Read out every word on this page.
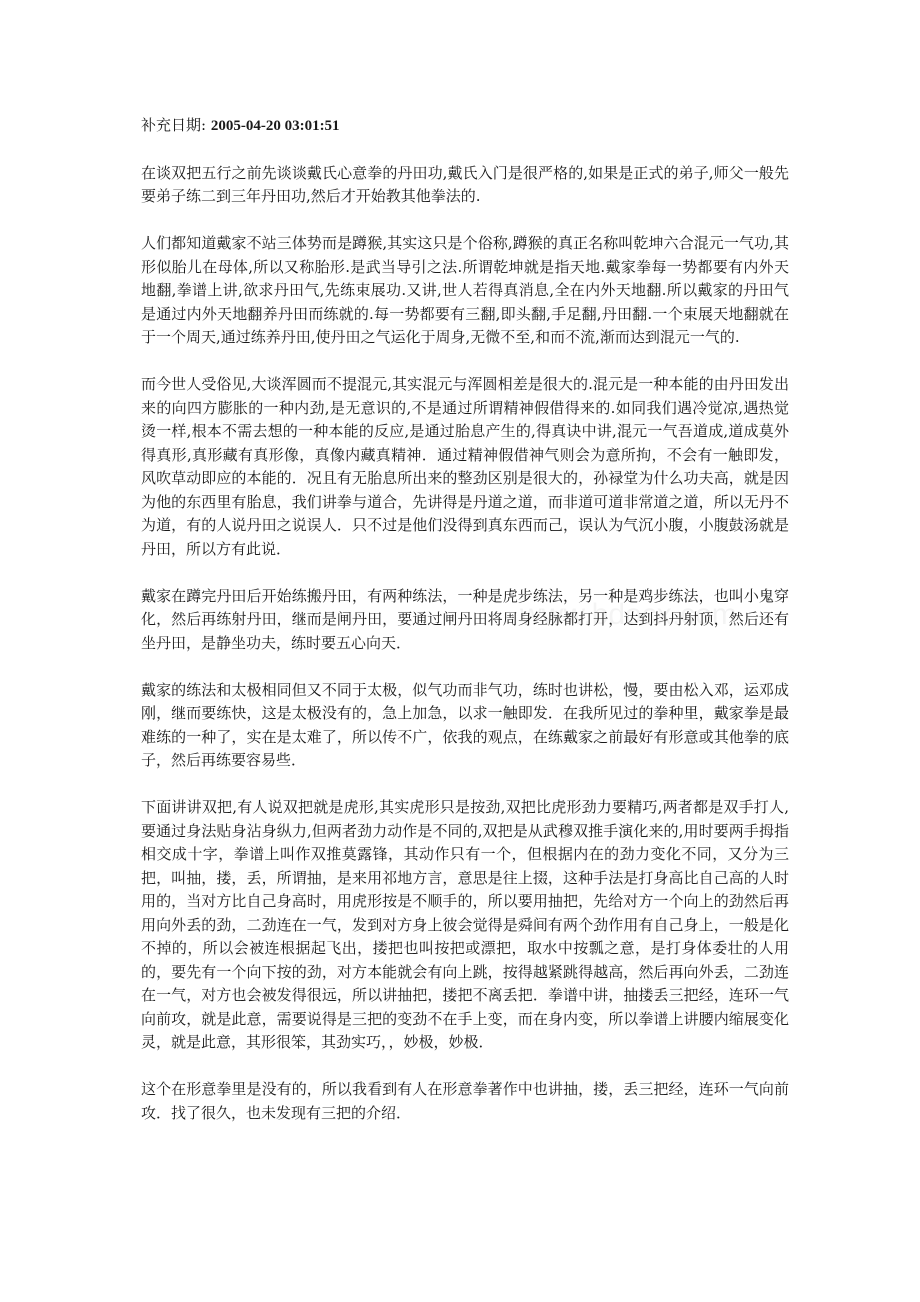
补充日期: 2005-04-20 03:01:51

在谈双把五行之前先谈谈戴氏心意拳的丹田功,戴氏入门是很严格的,如果是正式的弟子,师父一般先要弟子练二到三年丹田功,然后才开始教其他拳法的.

人们都知道戴家不站三体势而是蹲猴,其实这只是个俗称,蹲猴的真正名称叫乾坤六合混元一气功,其形似胎儿在母体,所以又称胎形.是武当导引之法.所谓乾坤就是指天地.戴家拳每一势都要有内外天地翻,拳谱上讲,欲求丹田气,先练束展功.又讲,世人若得真消息,全在内外天地翻.所以戴家的丹田气是通过内外天地翻养丹田而练就的.每一势都要有三翻,即头翻,手足翻,丹田翻.一个束展天地翻就在于一个周天,通过练养丹田,使丹田之气运化于周身,无微不至,和而不流,渐而达到混元一气的.

而今世人受俗见,大谈浑圆而不提混元,其实混元与浑圆相差是很大的.混元是一种本能的由丹田发出来的向四方膨胀的一种内劲,是无意识的,不是通过所谓精神假借得来的.如同我们遇冷觉凉,遇热觉烫一样,根本不需去想的一种本能的反应,是通过胎息产生的,得真诀中讲,混元一气吾道成,道成莫外得真形,真形藏有真形像，真像内藏真精神．通过精神假借神气则会为意所拘，不会有一触即发，风吹草动即应的本能的．况且有无胎息所出来的整劲区别是很大的，孙禄堂为什么功夫高，就是因为他的东西里有胎息，我们讲拳与道合，先讲得是丹道之道，而非道可道非常道之道，所以无丹不为道，有的人说丹田之说误人．只不过是他们没得到真东西而己，误认为气沉小腹，小腹鼓汤就是丹田，所以方有此说．

戴家在蹲完丹田后开始练搬丹田，有两种练法，一种是虎步练法，另一种是鸡步练法，也叫小鬼穿化，然后再练射丹田，继而是闸丹田，要通过闸丹田将周身经脉都打开，达到抖丹射顶，然后还有坐丹田，是静坐功夫，练时要五心向天．

戴家的练法和太极相同但又不同于太极，似气功而非气功，练时也讲松，慢，要由松入邓，运邓成刚，继而要练快，这是太极没有的，急上加急，以求一触即发．在我所见过的拳种里，戴家拳是最难练的一种了，实在是太难了，所以传不广，依我的观点，在练戴家之前最好有形意或其他拳的底子，然后再练要容易些．

下面讲讲双把,有人说双把就是虎形,其实虎形只是按劲,双把比虎形劲力要精巧,两者都是双手打人,要通过身法贴身沾身纵力,但两者劲力动作是不同的,双把是从武穆双推手演化来的,用时要两手拇指相交成十字，拳谱上叫作双推莫露锋，其动作只有一个，但根据内在的劲力变化不同，又分为三把，叫抽，搂，丢，所谓抽，是来用祁地方言，意思是往上掇，这种手法是打身高比自己高的人时用的，当对方比自己身高时，用虎形按是不顺手的，所以要用抽把，先给对方一个向上的劲然后再用向外丢的劲，二劲连在一气，发到对方身上彼会觉得是舜间有两个劲作用有自己身上，一般是化不掉的，所以会被连根据起飞出，搂把也叫按把或漂把，取水中按瓢之意，是打身体委壮的人用的，要先有一个向下按的劲，对方本能就会有向上跳，按得越紧跳得越高，然后再向外丢，二劲连在一气，对方也会被发得很远，所以讲抽把，搂把不离丢把．拳谱中讲，抽搂丢三把经，连环一气向前攻，就是此意，需要说得是三把的变劲不在手上变，而在身内变，所以拳谱上讲腰内缩展变化灵，就是此意，其形很笨，其劲实巧，，妙极，妙极．

这个在形意拳里是没有的，所以我看到有人在形意拳著作中也讲抽，搂，丢三把经，连环一气向前攻．找了很久，也未发现有三把的介绍．
